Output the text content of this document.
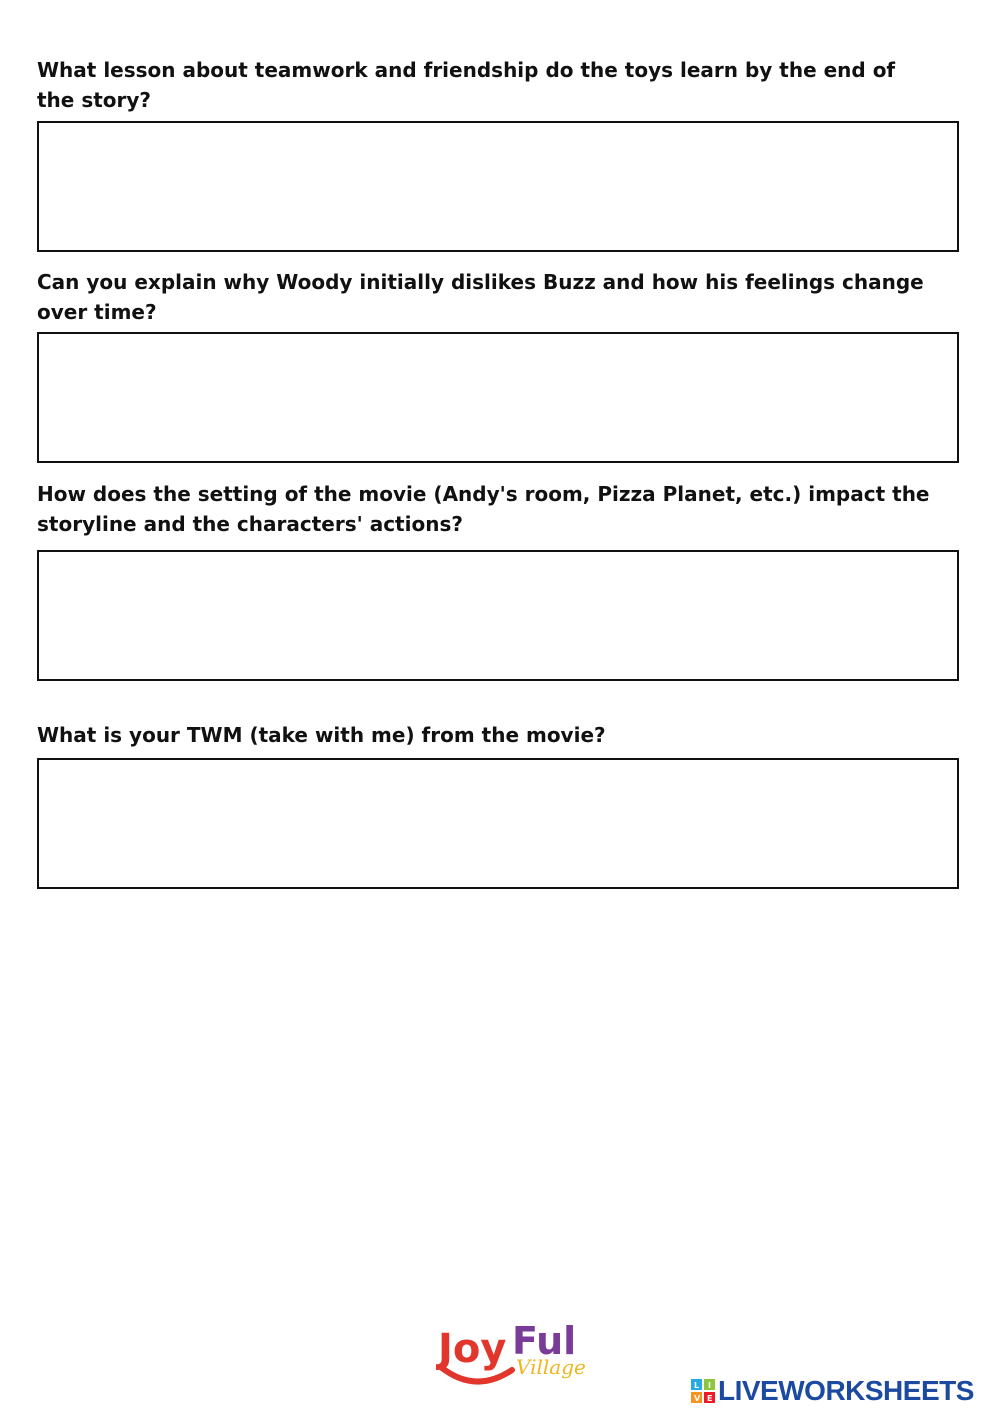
What lesson about teamwork and friendship do the toys learn by the end of the story?

Can you explain why Woody initially dislikes Buzz and how his feelings change over time?

How does the setting of the movie (Andy's room, Pizza Planet, etc.) impact the storyline and the characters' actions?

What is your TWM (take with me) from the movie?

Joy Ful
Village
L I
V E LIVEWORKSHEETS
